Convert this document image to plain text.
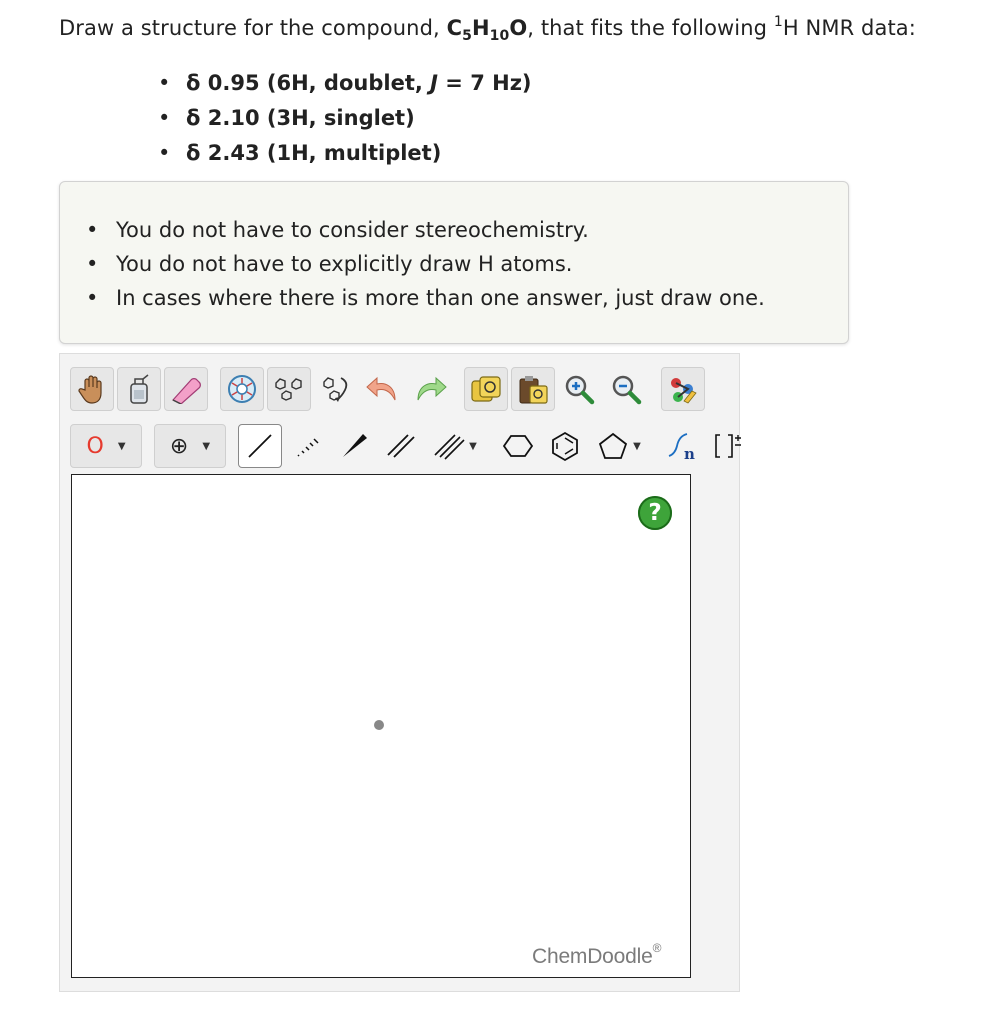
Draw a structure for the compound, $C_5H_{10}O$, that fits the following $^1$H NMR data:
• δ 0.95 (6H, doublet, J = 7 Hz)
• δ 2.10 (3H, singlet)
• δ 2.43 (1H, multiplet)
• You do not have to consider stereochemistry.
• You do not have to explicitly draw H atoms.
• In cases where there is more than one answer, just draw one.
O ▼ ⊕ ▼	▼	▼	n
?
ChemDoodle®
